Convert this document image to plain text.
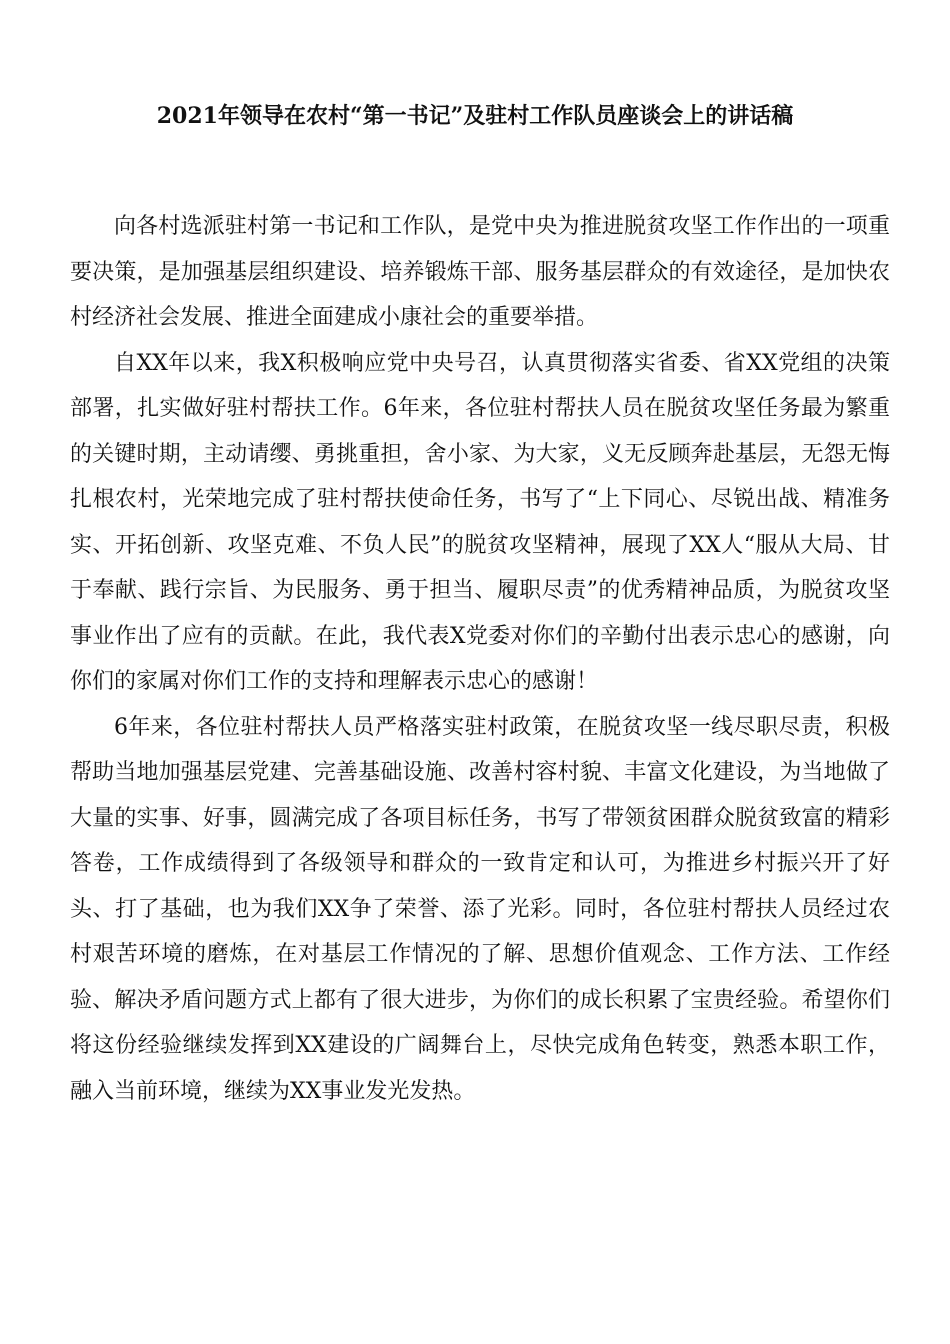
2021年领导在农村“第一书记”及驻村工作队员座谈会上的讲话稿

向各村选派驻村第一书记和工作队，是党中央为推进脱贫攻坚工作作出的一项重要决策，是加强基层组织建设、培养锻炼干部、服务基层群众的有效途径，是加快农村经济社会发展、推进全面建成小康社会的重要举措。

自XX年以来，我X积极响应党中央号召，认真贯彻落实省委、省XX党组的决策部署，扎实做好驻村帮扶工作。6年来，各位驻村帮扶人员在脱贫攻坚任务最为繁重的关键时期，主动请缨、勇挑重担，舍小家、为大家，义无反顾奔赴基层，无怨无悔扎根农村，光荣地完成了驻村帮扶使命任务，书写了“上下同心、尽锐出战、精准务实、开拓创新、攻坚克难、不负人民”的脱贫攻坚精神，展现了XX人“服从大局、甘于奉献、践行宗旨、为民服务、勇于担当、履职尽责”的优秀精神品质，为脱贫攻坚事业作出了应有的贡献。在此，我代表X党委对你们的辛勤付出表示忠心的感谢，向你们的家属对你们工作的支持和理解表示忠心的感谢！

6年来，各位驻村帮扶人员严格落实驻村政策，在脱贫攻坚一线尽职尽责，积极帮助当地加强基层党建、完善基础设施、改善村容村貌、丰富文化建设，为当地做了大量的实事、好事，圆满完成了各项目标任务，书写了带领贫困群众脱贫致富的精彩答卷，工作成绩得到了各级领导和群众的一致肯定和认可，为推进乡村振兴开了好头、打了基础，也为我们XX争了荣誉、添了光彩。同时，各位驻村帮扶人员经过农村艰苦环境的磨炼，在对基层工作情况的了解、思想价值观念、工作方法、工作经验、解决矛盾问题方式上都有了很大进步，为你们的成长积累了宝贵经验。希望你们将这份经验继续发挥到XX建设的广阔舞台上，尽快完成角色转变，熟悉本职工作，融入当前环境，继续为XX事业发光发热。
